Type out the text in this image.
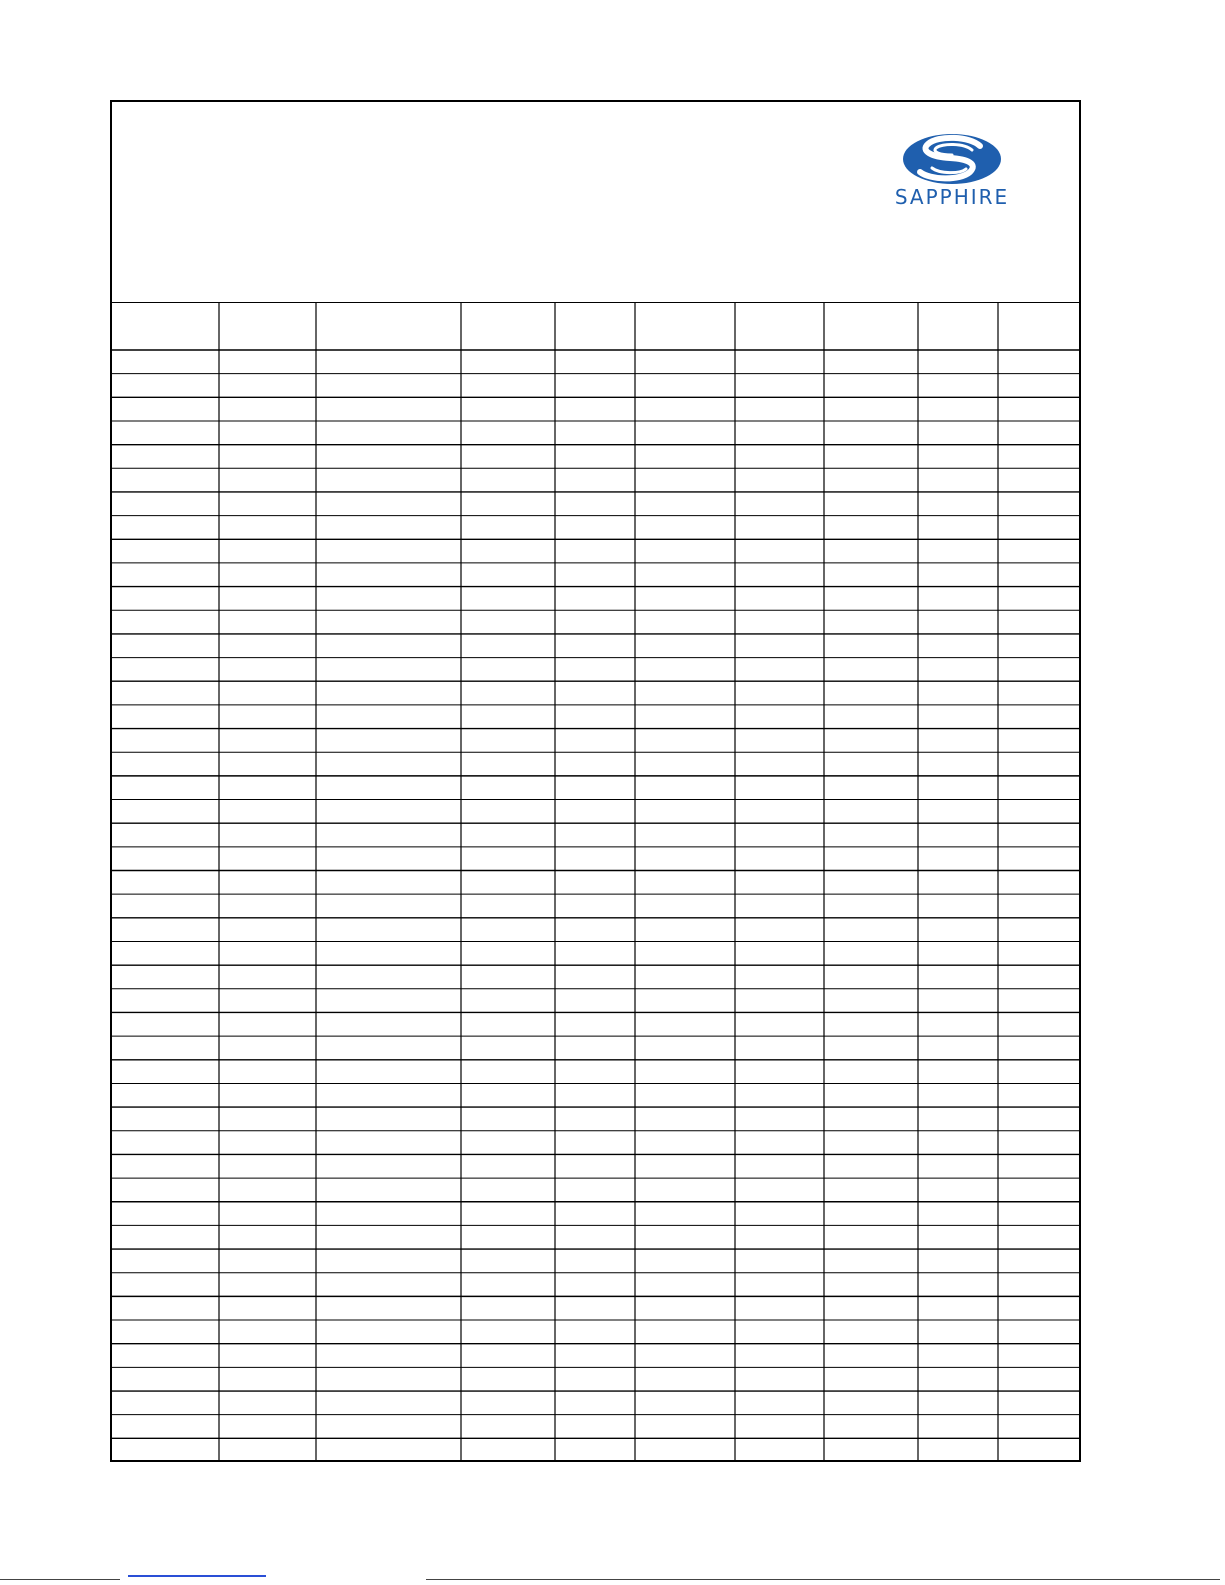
SAPPHIRE
